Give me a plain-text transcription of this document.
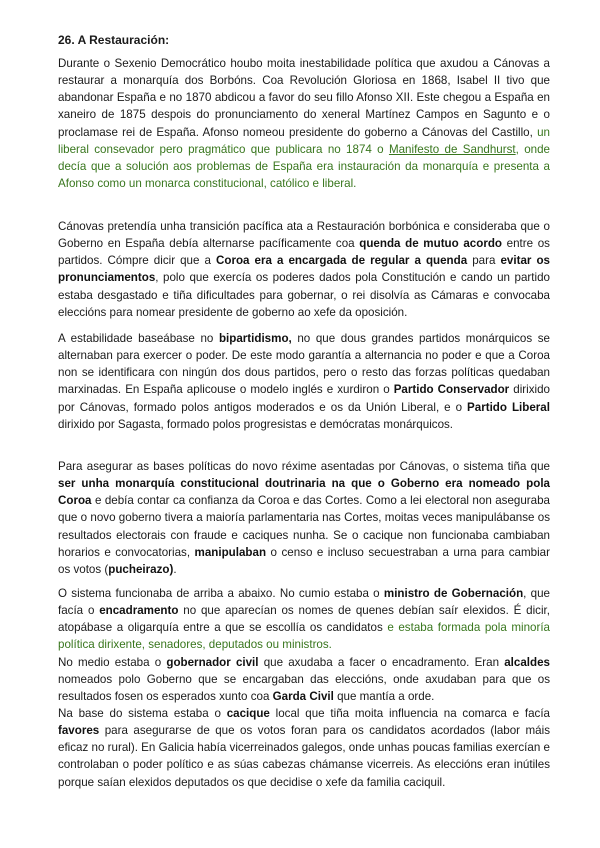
26. A Restauración:

Durante o Sexenio Democrático houbo moita inestabilidade política que axudou a Cánovas a restaurar a monarquía dos Borbóns. Coa Revolución Gloriosa en 1868, Isabel II tivo que abandonar España e no 1870 abdicou a favor do seu fillo Afonso XII. Este chegou a España en xaneiro de 1875 despois do pronunciamento do xeneral Martínez Campos en Sagunto e o proclamase rei de España. Afonso nomeou presidente do goberno a Cánovas del Castillo, un liberal consevador pero pragmático que publicara no 1874 o Manifesto de Sandhurst, onde decía que a solución aos problemas de España era instauración da monarquía e presenta a Afonso como un monarca constitucional, católico e liberal.

Cánovas pretendía unha transición pacífica ata a Restauración borbónica e consideraba que o Goberno en España debía alternarse pacíficamente coa quenda de mutuo acordo entre os partidos. Cómpre dicir que a Coroa era a encargada de regular a quenda para evitar os pronunciamentos, polo que exercía os poderes dados pola Constitución e cando un partido estaba desgastado e tiña dificultades para gobernar, o rei disolvía as Cámaras e convocaba eleccións para nomear presidente de goberno ao xefe da oposición.

A estabilidade baseábase no bipartidismo, no que dous grandes partidos monárquicos se alternaban para exercer o poder. De este modo garantía a alternancia no poder e que a Coroa non se identificara con ningún dos dous partidos, pero o resto das forzas políticas quedaban marxinadas. En España aplicouse o modelo inglés e xurdiron o Partido Conservador dirixido por Cánovas, formado polos antigos moderados e os da Unión Liberal, e o Partido Liberal dirixido por Sagasta, formado polos progresistas e demócratas monárquicos.

Para asegurar as bases políticas do novo réxime asentadas por Cánovas, o sistema tiña que ser unha monarquía constitucional doutrinaria na que o Goberno era nomeado pola Coroa e debía contar ca confianza da Coroa e das Cortes. Como a lei electoral non aseguraba que o novo goberno tivera a maioría parlamentaria nas Cortes, moitas veces manipulábanse os resultados electorais con fraude e caciques nunha. Se o cacique non funcionaba cambiaban horarios e convocatorias, manipulaban o censo e incluso secuestraban a urna para cambiar os votos (pucheirazo).

O sistema funcionaba de arriba a abaixo. No cumio estaba o ministro de Gobernación, que facía o encadramento no que aparecían os nomes de quenes debían saír elexidos. É dicir, atopábase a oligarquía entre a que se escollía os candidatos e estaba formada pola minoría política dirixente, senadores, deputados ou ministros.

No medio estaba o gobernador civil que axudaba a facer o encadramento. Eran alcaldes nomeados polo Goberno que se encargaban das eleccións, onde axudaban para que os resultados fosen os esperados xunto coa Garda Civil que mantía a orde.

Na base do sistema estaba o cacique local que tiña moita influencia na comarca e facía favores para asegurarse de que os votos foran para os candidatos acordados (labor máis eficaz no rural). En Galicia había vicerreinados galegos, onde unhas poucas familias exercían e controlaban o poder político e as súas cabezas chámanse vicerreis. As eleccións eran inútiles porque saían elexidos deputados os que decidise o xefe da familia caciquil.
